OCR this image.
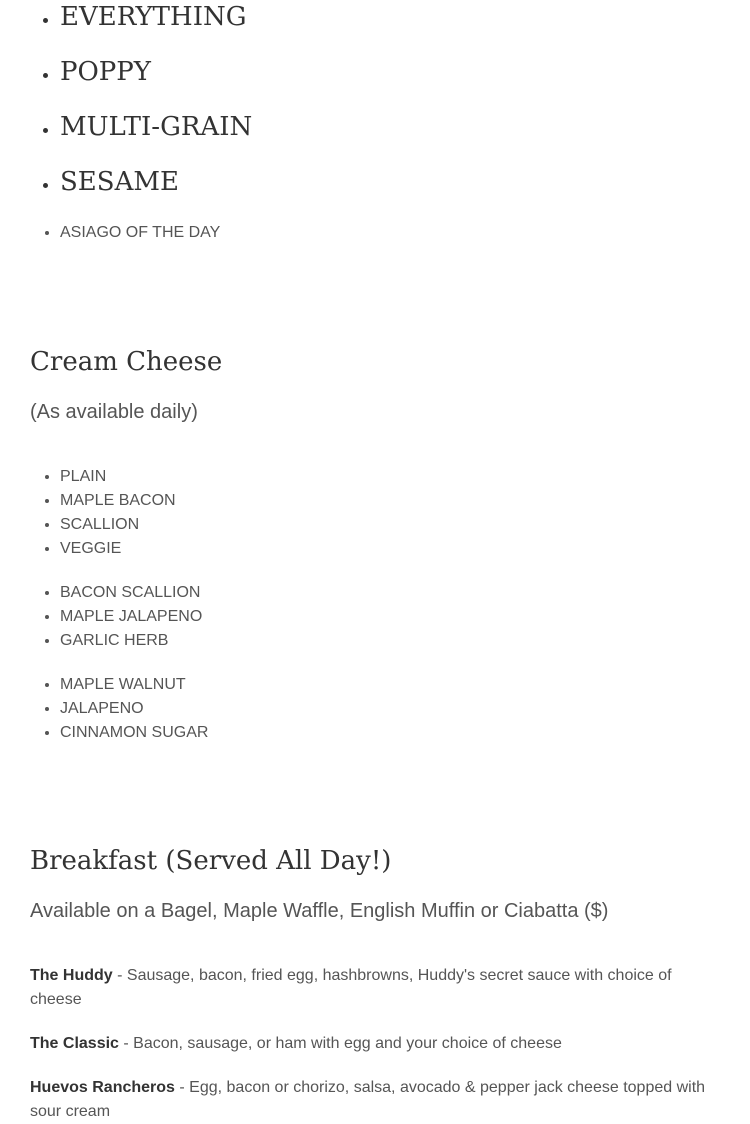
• EVERYTHING
• POPPY
• MULTI-GRAIN
• SESAME
• ASIAGO OF THE DAY
Cream Cheese

(As available daily)

• PLAIN
• MAPLE BACON
• SCALLION
• VEGGIE
• BACON SCALLION
• MAPLE JALAPENO
• GARLIC HERB
• MAPLE WALNUT
• JALAPENO
• CINNAMON SUGAR
Breakfast (Served All Day!)

Available on a Bagel, Maple Waffle, English Muffin or Ciabatta ($)

The Huddy - Sausage, bacon, fried egg, hashbrowns, Huddy's secret sauce with choice of cheese

The Classic - Bacon, sausage, or ham with egg and your choice of cheese

Huevos Rancheros - Egg, bacon or chorizo, salsa, avocado & pepper jack cheese topped with sour cream
